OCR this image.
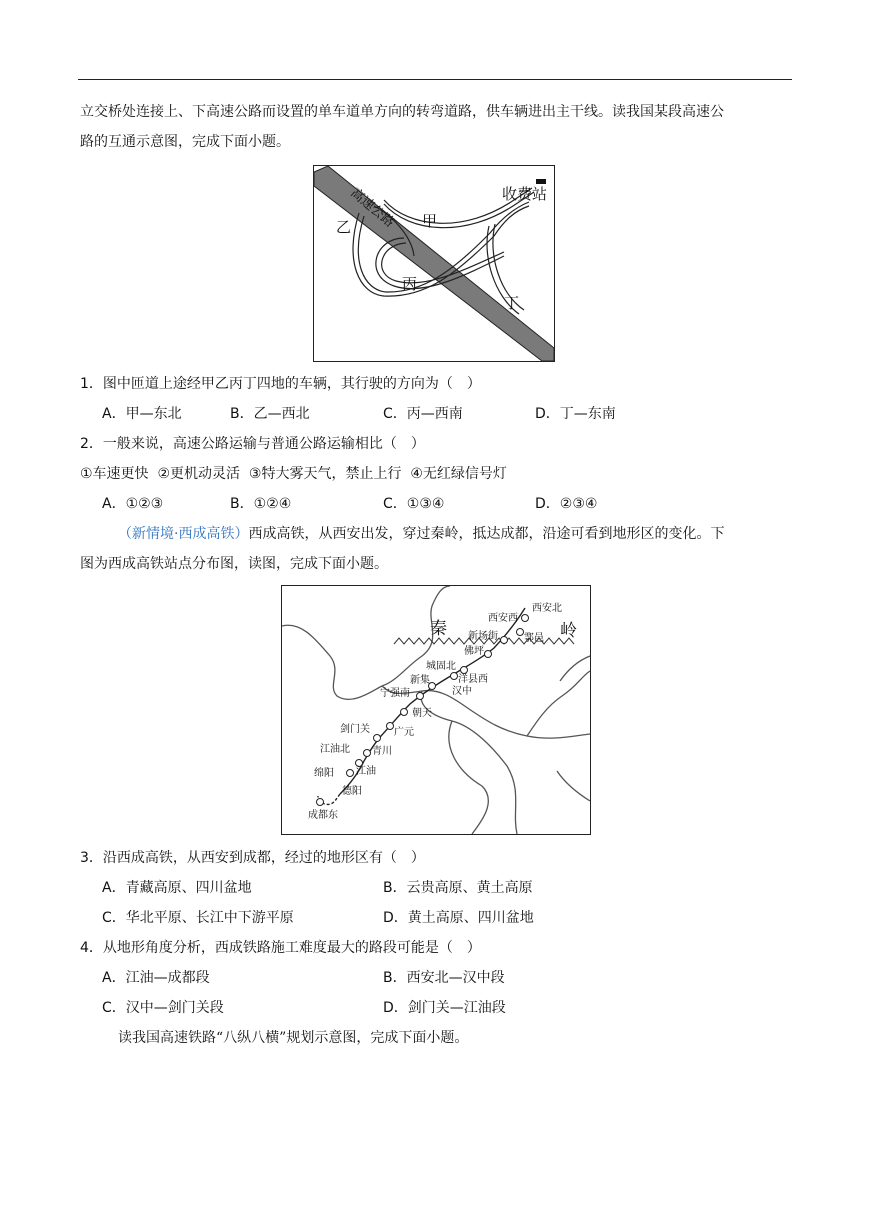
立交桥处连接上、下高速公路而设置的单车道单方向的转弯道路，供车辆进出主干线。读我国某段高速公
路的互通示意图，完成下面小题。
高速公路	收费站
甲
乙
丙
丁
1．图中匝道上途经甲乙丙丁四地的车辆，其行驶的方向为（　）
A．甲—东北	B．乙—西北	C．丙—西南	D．丁—东南
2．一般来说，高速公路运输与普通公路运输相比（　）
①车速更快  ②更机动灵活  ③特大雾天气，禁止上行  ④无红绿信号灯
A．①②③	B．①②④	C．①③④	D．②③④
（新情境·西成高铁）西成高铁，从西安出发，穿过秦岭，抵达成都，沿途可看到地形区的变化。下
图为西成高铁站点分布图，读图，完成下面小题。
秦	岭
西安北
西安西
鄠邑
新场街
佛坪
城固北
洋县西
新集
汉中
宁强南
朝天
剑门关 广元
江油北 青川
绵阳 江油
德阳
成都东
3．沿西成高铁，从西安到成都，经过的地形区有（　）
A．青藏高原、四川盆地	B．云贵高原、黄土高原
C．华北平原、长江中下游平原	D．黄土高原、四川盆地
4．从地形角度分析，西成铁路施工难度最大的路段可能是（　）
A．江油—成都段	B．西安北—汉中段
C．汉中—剑门关段	D．剑门关—江油段
读我国高速铁路“八纵八横”规划示意图，完成下面小题。
